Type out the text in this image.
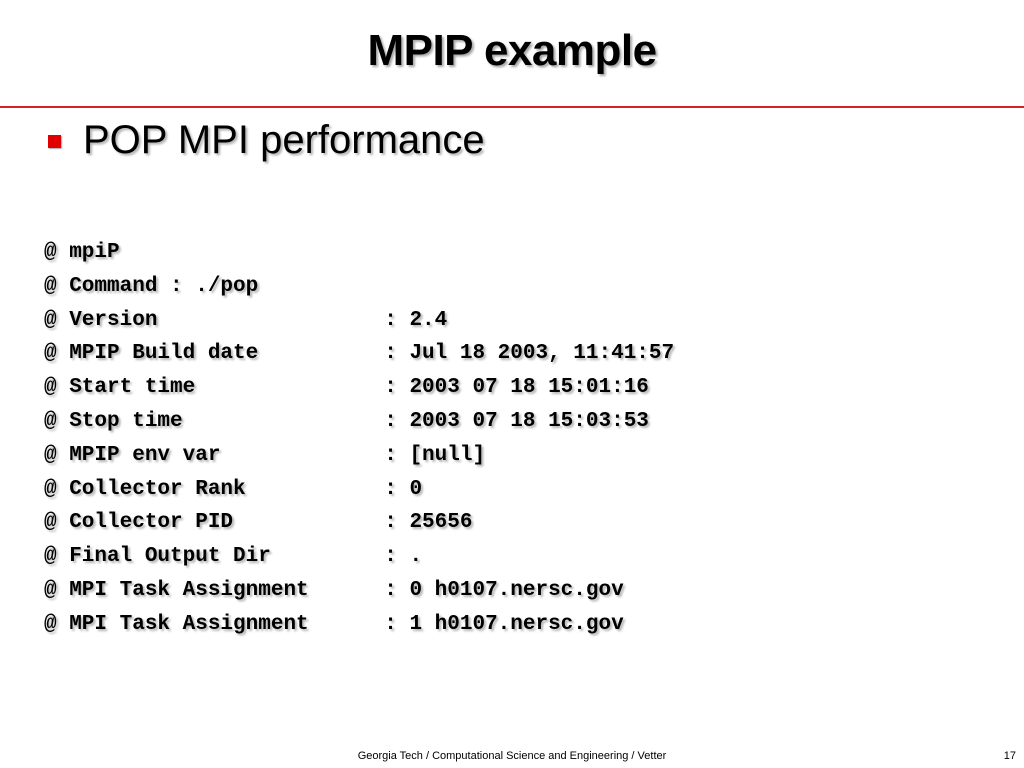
MPIP example
POP MPI performance
@ mpiP
@ Command : ./pop
@ Version                  : 2.4
@ MPIP Build date          : Jul 18 2003, 11:41:57
@ Start time               : 2003 07 18 15:01:16
@ Stop time                : 2003 07 18 15:03:53
@ MPIP env var             : [null]
@ Collector Rank           : 0
@ Collector PID            : 25656
@ Final Output Dir         : .
@ MPI Task Assignment      : 0 h0107.nersc.gov
@ MPI Task Assignment      : 1 h0107.nersc.gov
Georgia Tech / Computational Science and Engineering / Vetter	17
